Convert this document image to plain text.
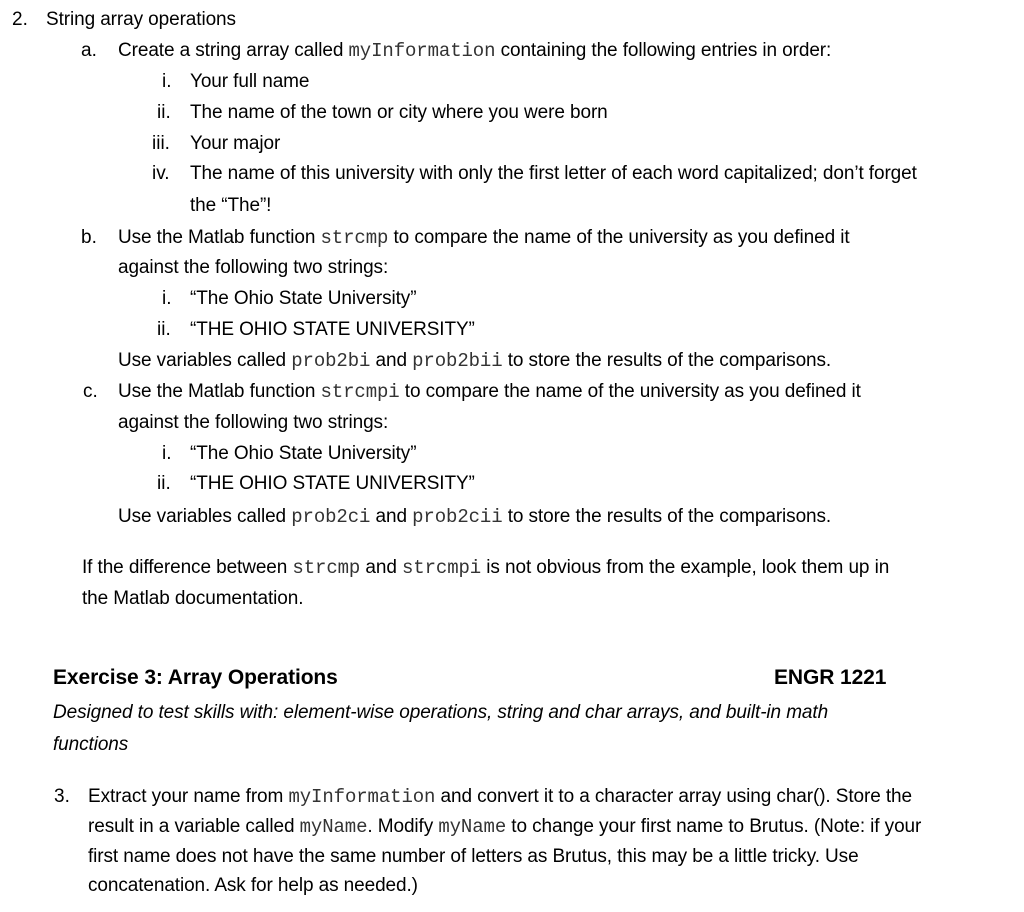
2. String array operations
a. Create a string array called myInformation containing the following entries in order:
i. Your full name
ii. The name of the town or city where you were born
iii. Your major
iv. The name of this university with only the first letter of each word capitalized; don’t forget
the “The”!
b. Use the Matlab function strcmp to compare the name of the university as you defined it
against the following two strings:
i. “The Ohio State University”
ii. “THE OHIO STATE UNIVERSITY”
Use variables called prob2bi and prob2bii to store the results of the comparisons.
c. Use the Matlab function strcmpi to compare the name of the university as you defined it
against the following two strings:
i. “The Ohio State University”
ii. “THE OHIO STATE UNIVERSITY”
Use variables called prob2ci and prob2cii to store the results of the comparisons.
If the difference between strcmp and strcmpi is not obvious from the example, look them up in
the Matlab documentation.
Exercise 3: Array Operations	ENGR 1221
Designed to test skills with: element-wise operations, string and char arrays, and built-in math
functions
3. Extract your name from myInformation and convert it to a character array using char(). Store the
result in a variable called myName. Modify myName to change your first name to Brutus. (Note: if your
first name does not have the same number of letters as Brutus, this may be a little tricky. Use
concatenation. Ask for help as needed.)
